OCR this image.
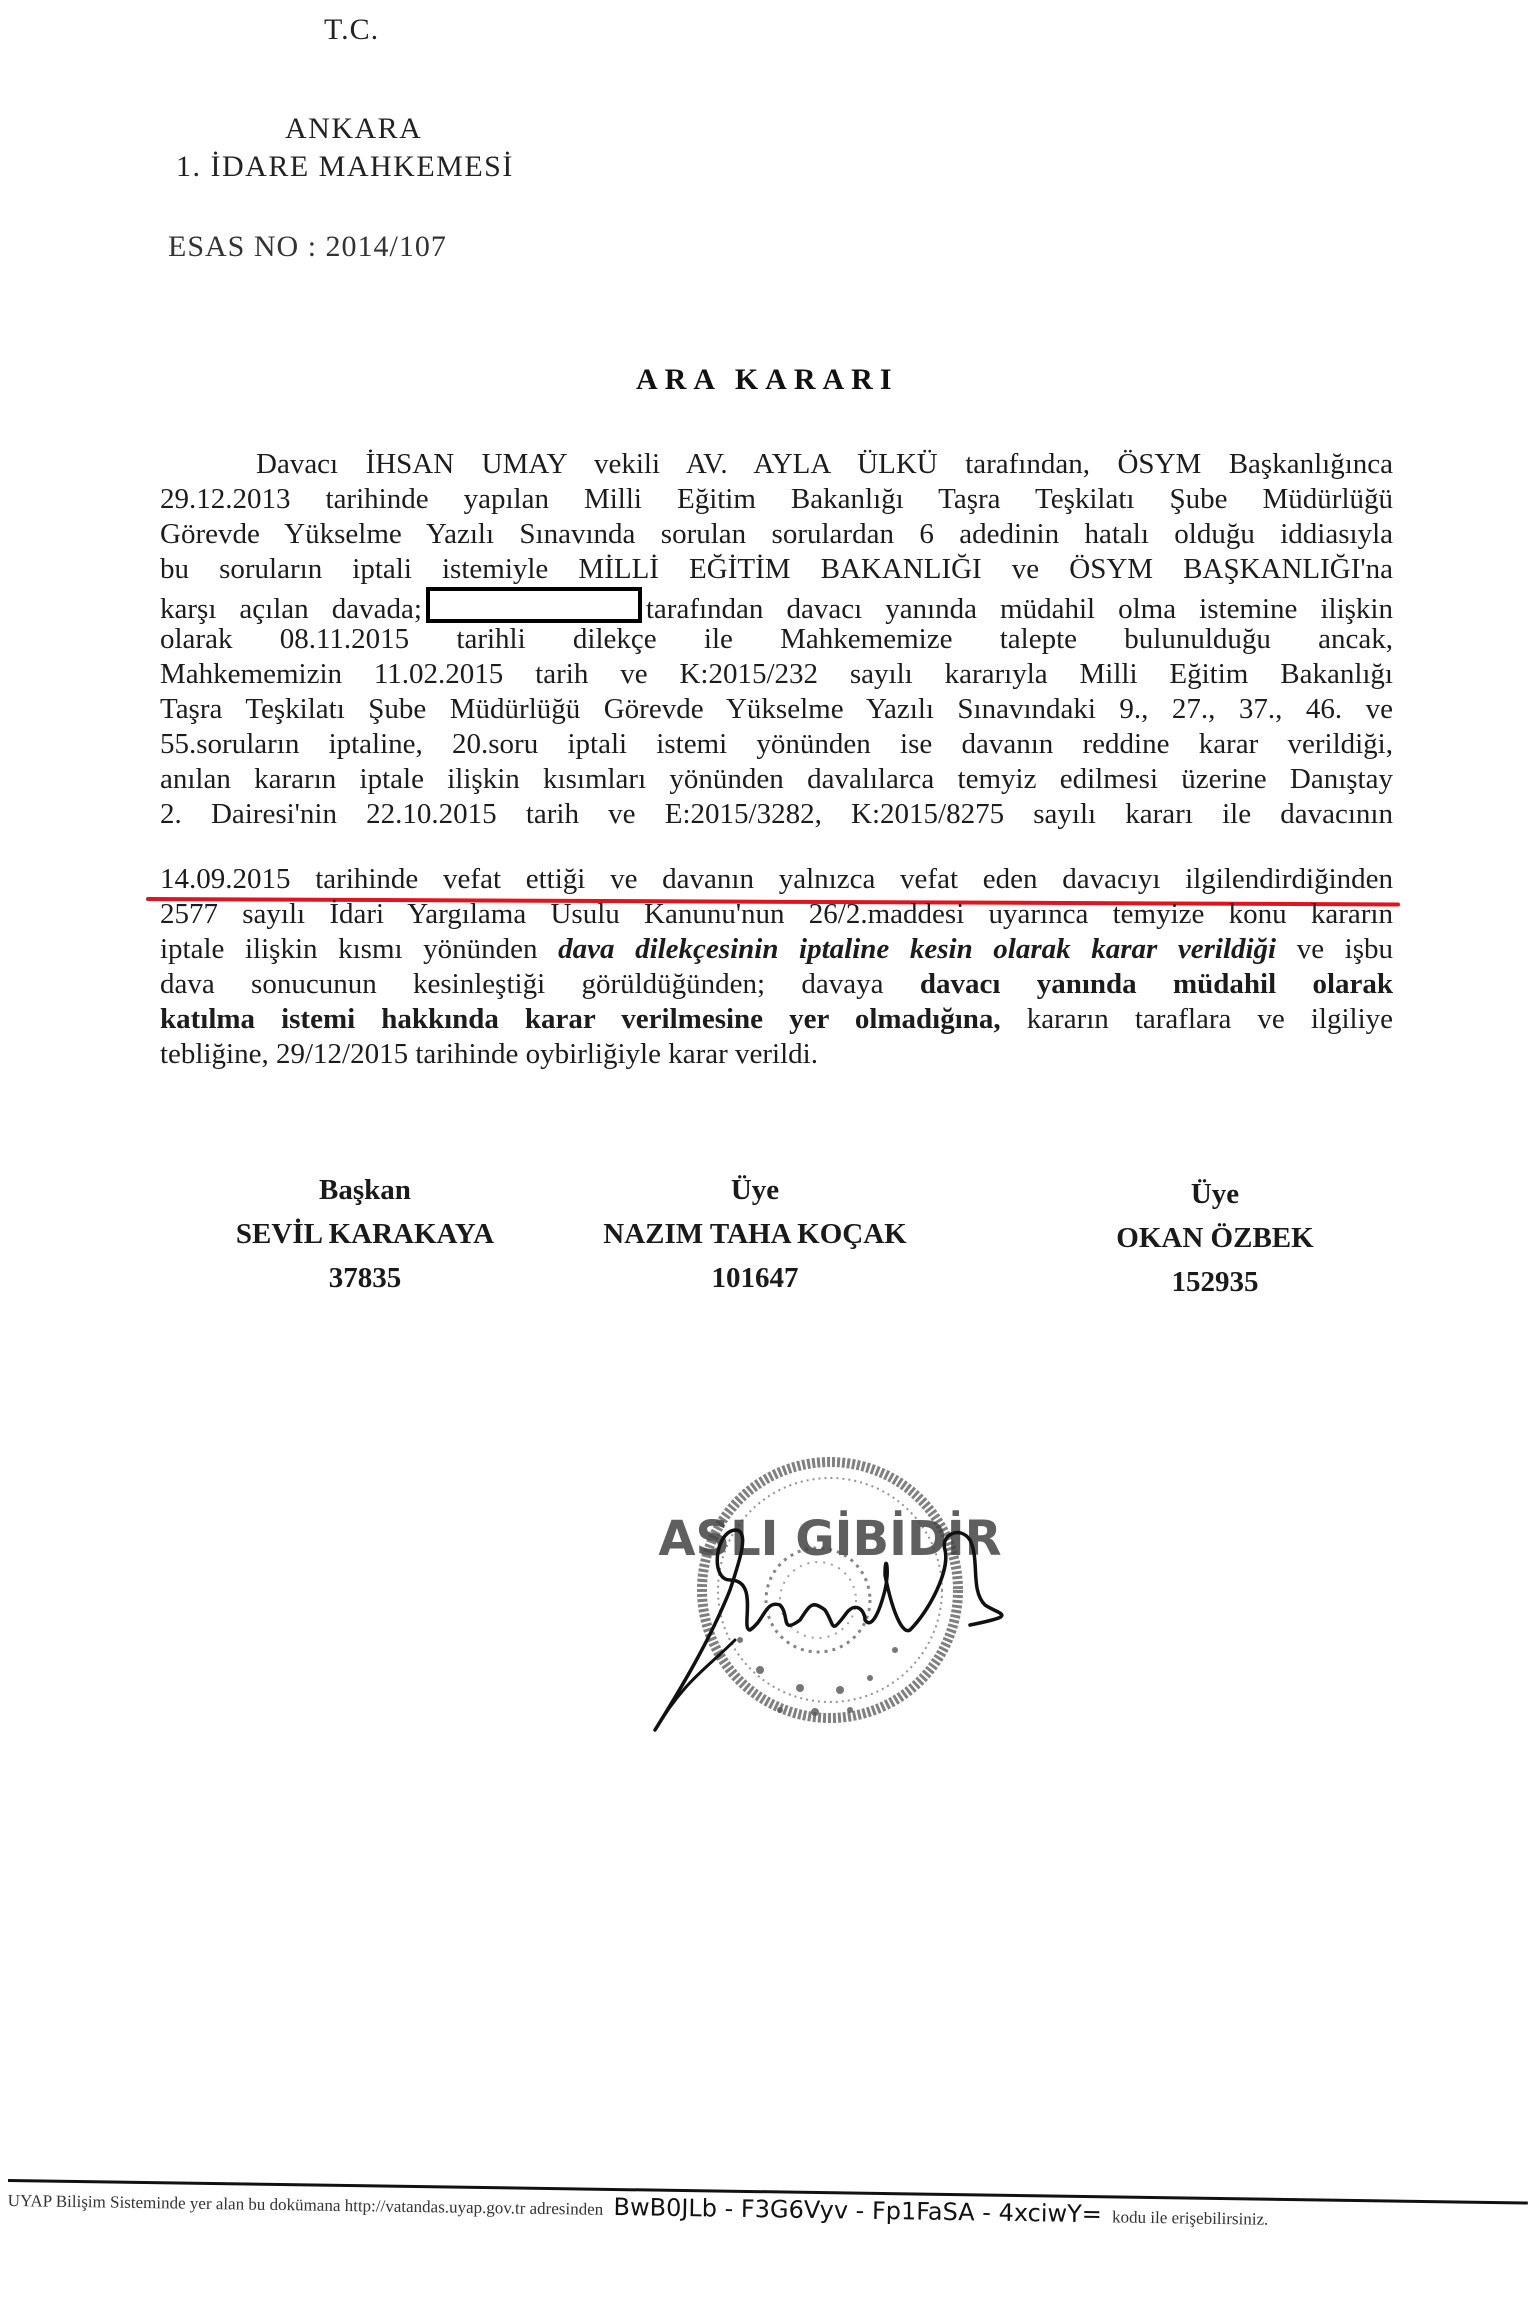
T.C.
ANKARA
1. İDARE MAHKEMESİ
ESAS NO : 2014/107
ARA KARARI
Davacı İHSAN UMAY vekili AV. AYLA ÜLKÜ tarafından, ÖSYM Başkanlığınca
29.12.2013 tarihinde yapılan Milli Eğitim Bakanlığı Taşra Teşkilatı Şube Müdürlüğü
Görevde Yükselme Yazılı Sınavında sorulan sorulardan 6 adedinin hatalı olduğu iddiasıyla
bu soruların iptali istemiyle MİLLİ EĞİTİM BAKANLIĞI ve ÖSYM BAŞKANLIĞI'na
karşı açılan davada;	tarafından davacı yanında müdahil olma istemine ilişkin
olarak 08.11.2015 tarihli dilekçe ile Mahkememize talepte bulunulduğu ancak,
Mahkememizin 11.02.2015 tarih ve K:2015/232 sayılı kararıyla Milli Eğitim Bakanlığı
Taşra Teşkilatı Şube Müdürlüğü Görevde Yükselme Yazılı Sınavındaki 9., 27., 37., 46. ve
55.soruların iptaline, 20.soru iptali istemi yönünden ise davanın reddine karar verildiği,
anılan kararın iptale ilişkin kısımları yönünden davalılarca temyiz edilmesi üzerine Danıştay
2. Dairesi'nin 22.10.2015 tarih ve E:2015/3282, K:2015/8275 sayılı kararı ile davacının
14.09.2015 tarihinde vefat ettiği ve davanın yalnızca vefat eden davacıyı ilgilendirdiğinden
2577 sayılı İdari Yargılama Usulu Kanunu'nun 26/2.maddesi uyarınca temyize konu kararın
iptale ilişkin kısmı yönünden dava dilekçesinin iptaline kesin olarak karar verildiği ve işbu
dava sonucunun kesinleştiği görüldüğünden; davaya davacı yanında müdahil olarak
katılma istemi hakkında karar verilmesine yer olmadığına, kararın taraflara ve ilgiliye
tebliğine, 29/12/2015 tarihinde oybirliğiyle karar verildi.
Başkan
SEVİL KARAKAYA
37835
Üye
NAZIM TAHA KOÇAK
101647
Üye
OKAN ÖZBEK
152935
ASLI GİBİDİR
UYAP Bilişim Sisteminde yer alan bu dokümana http://vatandas.uyap.gov.tr adresinden BwB0JLb - F3G6Vyv - Fp1FaSA - 4xciwY= kodu ile erişebilirsiniz.
